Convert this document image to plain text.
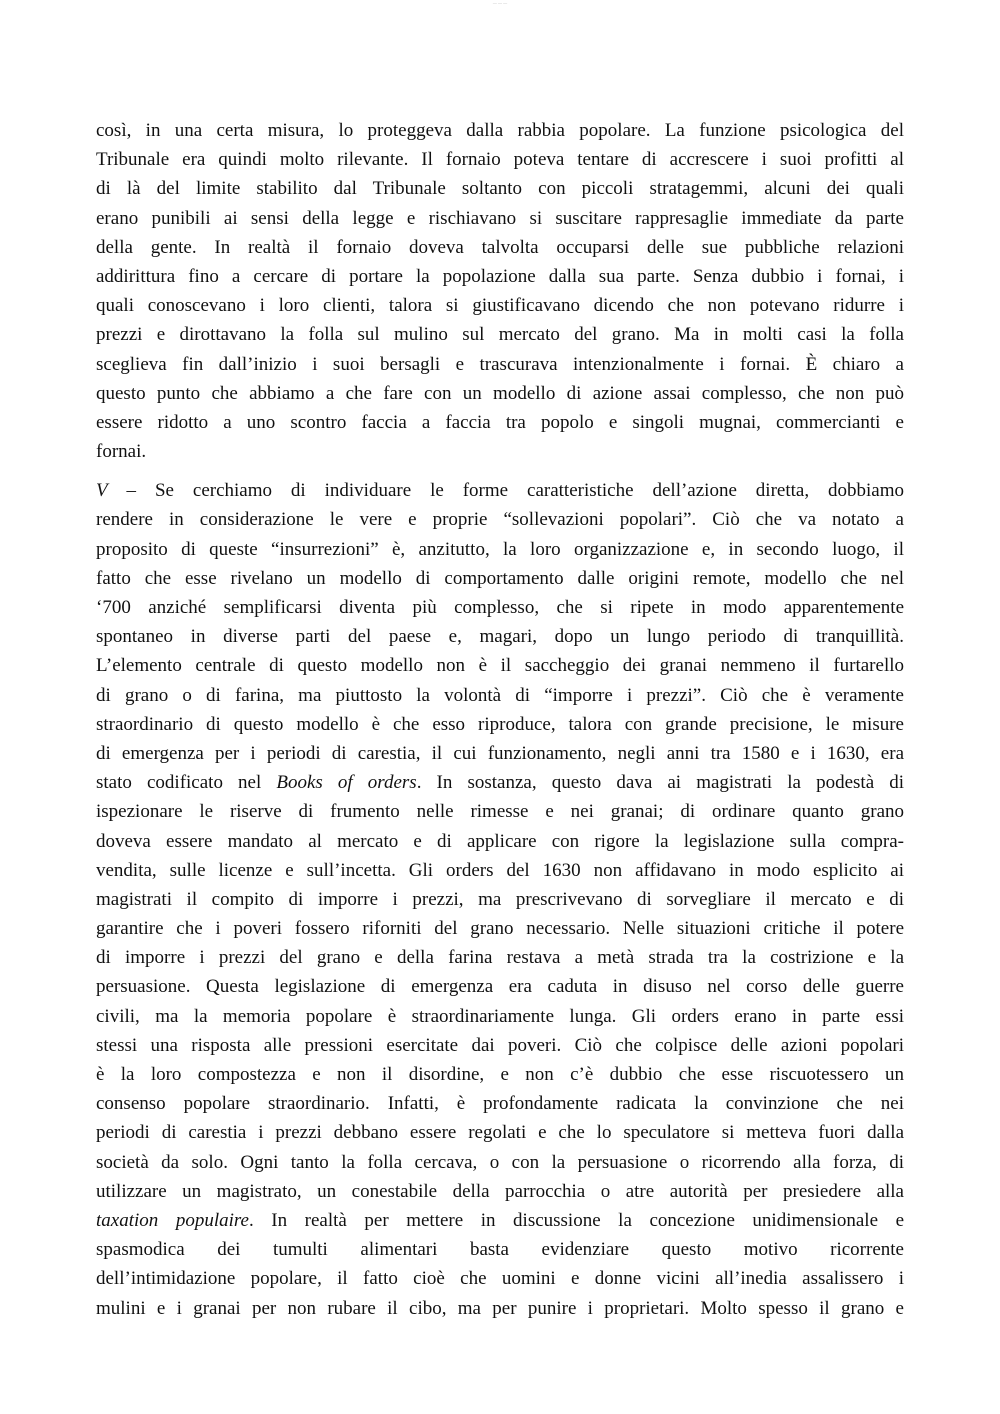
— — —

così, in una certa misura, lo proteggeva dalla rabbia popolare. La funzione psicologica del
Tribunale era quindi molto rilevante. Il fornaio poteva tentare di accrescere i suoi profitti al
di là del limite stabilito dal Tribunale soltanto con piccoli stratagemmi, alcuni dei quali
erano punibili ai sensi della legge e rischiavano si suscitare rappresaglie immediate da parte
della gente. In realtà il fornaio doveva talvolta occuparsi delle sue pubbliche relazioni
addirittura fino a cercare di portare la popolazione dalla sua parte. Senza dubbio i fornai, i
quali conoscevano i loro clienti, talora si giustificavano dicendo che non potevano ridurre i
prezzi e dirottavano la folla sul mulino sul mercato del grano. Ma in molti casi la folla
sceglieva fin dall’inizio i suoi bersagli e trascurava intenzionalmente i fornai. È chiaro a
questo punto che abbiamo a che fare con un modello di azione assai complesso, che non può
essere ridotto a uno scontro faccia a faccia tra popolo e singoli mugnai, commercianti e
fornai.

V – Se cerchiamo di individuare le forme caratteristiche dell’azione diretta, dobbiamo
rendere in considerazione le vere e proprie “sollevazioni popolari”. Ciò che va notato a
proposito di queste “insurrezioni” è, anzitutto, la loro organizzazione e, in secondo luogo, il
fatto che esse rivelano un modello di comportamento dalle origini remote, modello che nel
‘700 anziché semplificarsi diventa più complesso, che si ripete in modo apparentemente
spontaneo in diverse parti del paese e, magari, dopo un lungo periodo di tranquillità.
L’elemento centrale di questo modello non è il saccheggio dei granai nemmeno il furtarello
di grano o di farina, ma piuttosto la volontà di “imporre i prezzi”. Ciò che è veramente
straordinario di questo modello è che esso riproduce, talora con grande precisione, le misure
di emergenza per i periodi di carestia, il cui funzionamento, negli anni tra 1580 e i 1630, era
stato codificato nel Books of orders. In sostanza, questo dava ai magistrati la podestà di
ispezionare le riserve di frumento nelle rimesse e nei granai; di ordinare quanto grano
doveva essere mandato al mercato e di applicare con rigore la legislazione sulla compra-
vendita, sulle licenze e sull’incetta. Gli orders del 1630 non affidavano in modo esplicito ai
magistrati il compito di imporre i prezzi, ma prescrivevano di sorvegliare il mercato e di
garantire che i poveri fossero riforniti del grano necessario. Nelle situazioni critiche il potere
di imporre i prezzi del grano e della farina restava a metà strada tra la costrizione e la
persuasione. Questa legislazione di emergenza era caduta in disuso nel corso delle guerre
civili, ma la memoria popolare è straordinariamente lunga. Gli orders erano in parte essi
stessi una risposta alle pressioni esercitate dai poveri. Ciò che colpisce delle azioni popolari
è la loro compostezza e non il disordine, e non c’è dubbio che esse riscuotessero un
consenso popolare straordinario. Infatti, è profondamente radicata la convinzione che nei
periodi di carestia i prezzi debbano essere regolati e che lo speculatore si metteva fuori dalla
società da solo. Ogni tanto la folla cercava, o con la persuasione o ricorrendo alla forza, di
utilizzare un magistrato, un conestabile della parrocchia o atre autorità per presiedere alla
taxation populaire. In realtà per mettere in discussione la concezione unidimensionale e
spasmodica dei tumulti alimentari basta evidenziare questo motivo ricorrente
dell’intimidazione popolare, il fatto cioè che uomini e donne vicini all’inedia assalissero i
mulini e i granai per non rubare il cibo, ma per punire i proprietari. Molto spesso il grano e
